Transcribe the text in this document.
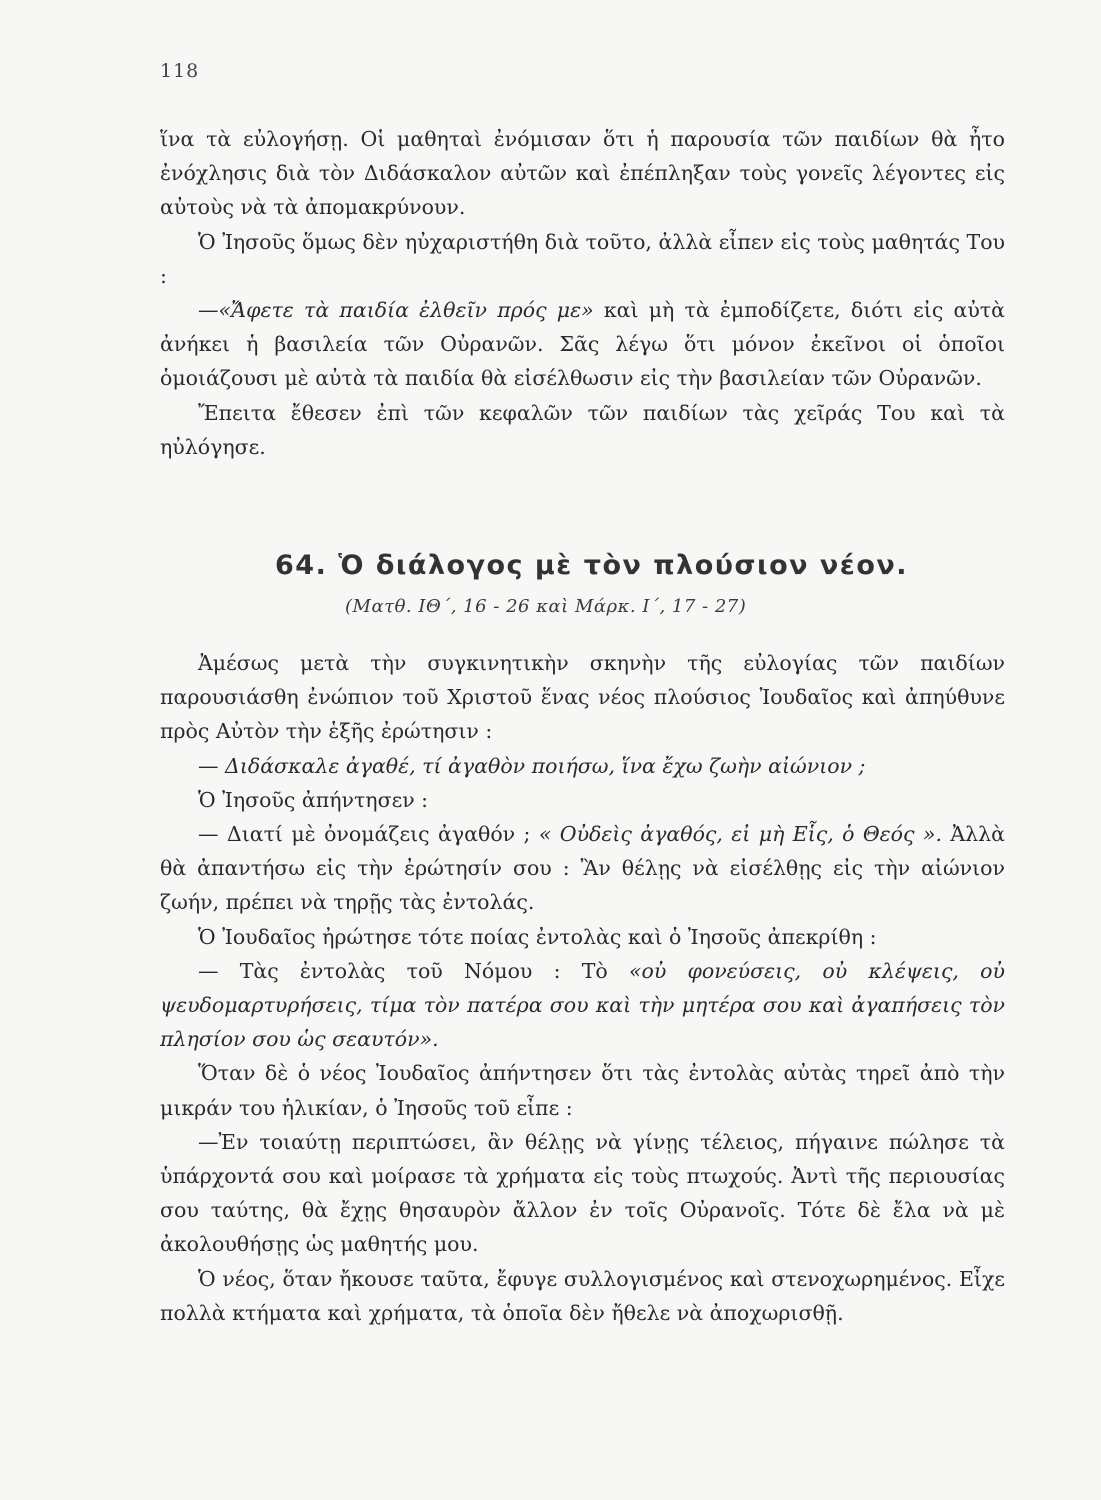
118

ἵνα τὰ εὐλογήσῃ. Οἱ μαθηταὶ ἐνόμισαν ὅτι ἡ παρουσία τῶν παιδίων θὰ ἦτο ἐνόχλησις διὰ τὸν Διδάσκαλον αὐτῶν καὶ ἐπέπληξαν τοὺς γονεῖς λέγοντες εἰς αὐτοὺς νὰ τὰ ἀπομακρύνουν.

Ὁ Ἰησοῦς ὅμως δὲν ηὐχαριστήθη διὰ τοῦτο, ἀλλὰ εἶπεν εἰς τοὺς μαθητάς Του :

—«Ἄφετε τὰ παιδία ἐλθεῖν πρός με» καὶ μὴ τὰ ἐμποδίζετε, διότι εἰς αὐτὰ ἀνήκει ἡ βασιλεία τῶν Οὐρανῶν. Σᾶς λέγω ὅτι μόνον ἐκεῖνοι οἱ ὁποῖοι ὁμοιάζουσι μὲ αὐτὰ τὰ παιδία θὰ εἰσέλθωσιν εἰς τὴν βασιλείαν τῶν Οὐρανῶν.

Ἔπειτα ἔθεσεν ἐπὶ τῶν κεφαλῶν τῶν παιδίων τὰς χεῖράς Του καὶ τὰ ηὐλόγησε.

64. Ὁ διάλογος μὲ τὸν πλούσιον νέον.
(Ματθ. ΙΘ΄, 16 - 26 καὶ Μάρκ. Ι΄, 17 - 27)

Ἀμέσως μετὰ τὴν συγκινητικὴν σκηνὴν τῆς εὐλογίας τῶν παιδίων παρουσιάσθη ἐνώπιον τοῦ Χριστοῦ ἕνας νέος πλούσιος Ἰουδαῖος καὶ ἀπηύθυνε πρὸς Αὐτὸν τὴν ἑξῆς ἐρώτησιν :

— Διδάσκαλε ἀγαθέ, τί ἀγαθὸν ποιήσω, ἵνα ἔχω ζωὴν αἰώνιον ;

Ὁ Ἰησοῦς ἀπήντησεν :

— Διατί μὲ ὀνομάζεις ἀγαθόν ; « Οὐδεὶς ἀγαθός, εἰ μὴ Εἷς, ὁ Θεός ». Ἀλλὰ θὰ ἀπαντήσω εἰς τὴν ἐρώτησίν σου : Ἂν θέλῃς νὰ εἰσέλθῃς εἰς τὴν αἰώνιον ζωήν, πρέπει νὰ τηρῇς τὰς ἐντολάς.

Ὁ Ἰουδαῖος ἠρώτησε τότε ποίας ἐντολὰς καὶ ὁ Ἰησοῦς ἀπεκρίθη :

— Τὰς ἐντολὰς τοῦ Νόμου : Τὸ «οὐ φονεύσεις, οὐ κλέψεις, οὐ ψευδομαρτυρήσεις, τίμα τὸν πατέρα σου καὶ τὴν μητέρα σου καὶ ἀγαπήσεις τὸν πλησίον σου ὡς σεαυτόν».

Ὅταν δὲ ὁ νέος Ἰουδαῖος ἀπήντησεν ὅτι τὰς ἐντολὰς αὐτὰς τηρεῖ ἀπὸ τὴν μικράν του ἡλικίαν, ὁ Ἰησοῦς τοῦ εἶπε :

—Ἐν τοιαύτῃ περιπτώσει, ἂν θέλῃς νὰ γίνῃς τέλειος, πήγαινε πώλησε τὰ ὑπάρχοντά σου καὶ μοίρασε τὰ χρήματα εἰς τοὺς πτωχούς. Ἀντὶ τῆς περιουσίας σου ταύτης, θὰ ἔχῃς θησαυρὸν ἄλλον ἐν τοῖς Οὐρανοῖς. Τότε δὲ ἔλα νὰ μὲ ἀκολουθήσῃς ὡς μαθητής μου.

Ὁ νέος, ὅταν ἤκουσε ταῦτα, ἔφυγε συλλογισμένος καὶ στενοχωρημένος. Εἶχε πολλὰ κτήματα καὶ χρήματα, τὰ ὁποῖα δὲν ἤθελε νὰ ἀποχωρισθῇ.
